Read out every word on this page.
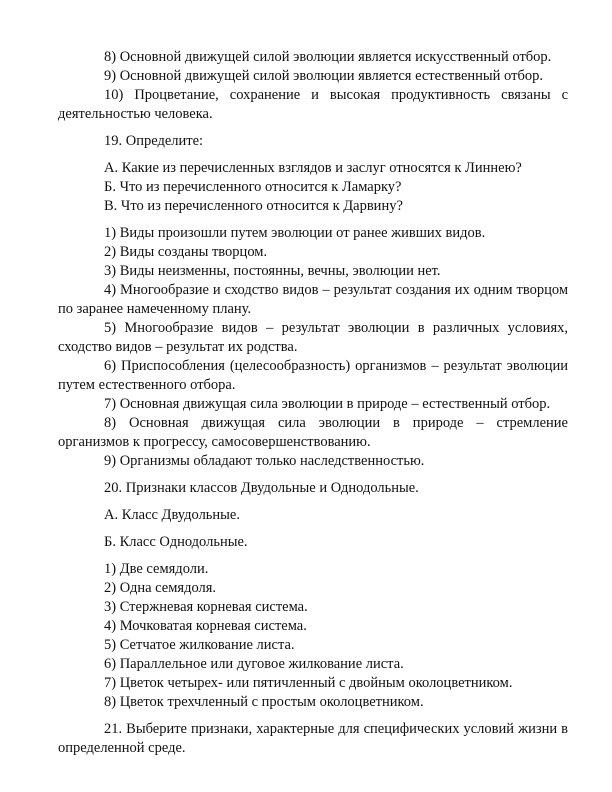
8) Основной движущей силой эволюции является искусственный отбор.

9) Основной движущей силой эволюции является естественный отбор.

10) Процветание, сохранение и высокая продуктивность связаны с деятельностью человека.

19. Определите:

А. Какие из перечисленных взглядов и заслуг относятся к Линнею?

Б. Что из перечисленного относится к Ламарку?

В. Что из перечисленного относится к Дарвину?

1) Виды произошли путем эволюции от ранее живших видов.

2) Виды созданы творцом.

3) Виды неизменны, постоянны, вечны, эволюции нет.

4) Многообразие и сходство видов – результат создания их одним творцом по заранее намеченному плану.

5) Многообразие видов – результат эволюции в различных условиях, сходство видов – результат их родства.

6) Приспособления (целесообразность) организмов – результат эволюции путем естественного отбора.

7) Основная движущая сила эволюции в природе – естественный отбор.

8) Основная движущая сила эволюции в природе – стремление организмов к прогрессу, самосовершенствованию.

9) Организмы обладают только наследственностью.

20. Признаки классов Двудольные и Однодольные.

А. Класс Двудольные.

Б. Класс Однодольные.

1) Две семядоли.

2) Одна семядоля.

3) Стержневая корневая система.

4) Мочковатая корневая система.

5) Сетчатое жилкование листа.

6) Параллельное или дуговое жилкование листа.

7) Цветок четырех- или пятичленный с двойным околоцветником.

8) Цветок трехчленный с простым околоцветником.

21. Выберите признаки, характерные для специфических условий жизни в определенной среде.
